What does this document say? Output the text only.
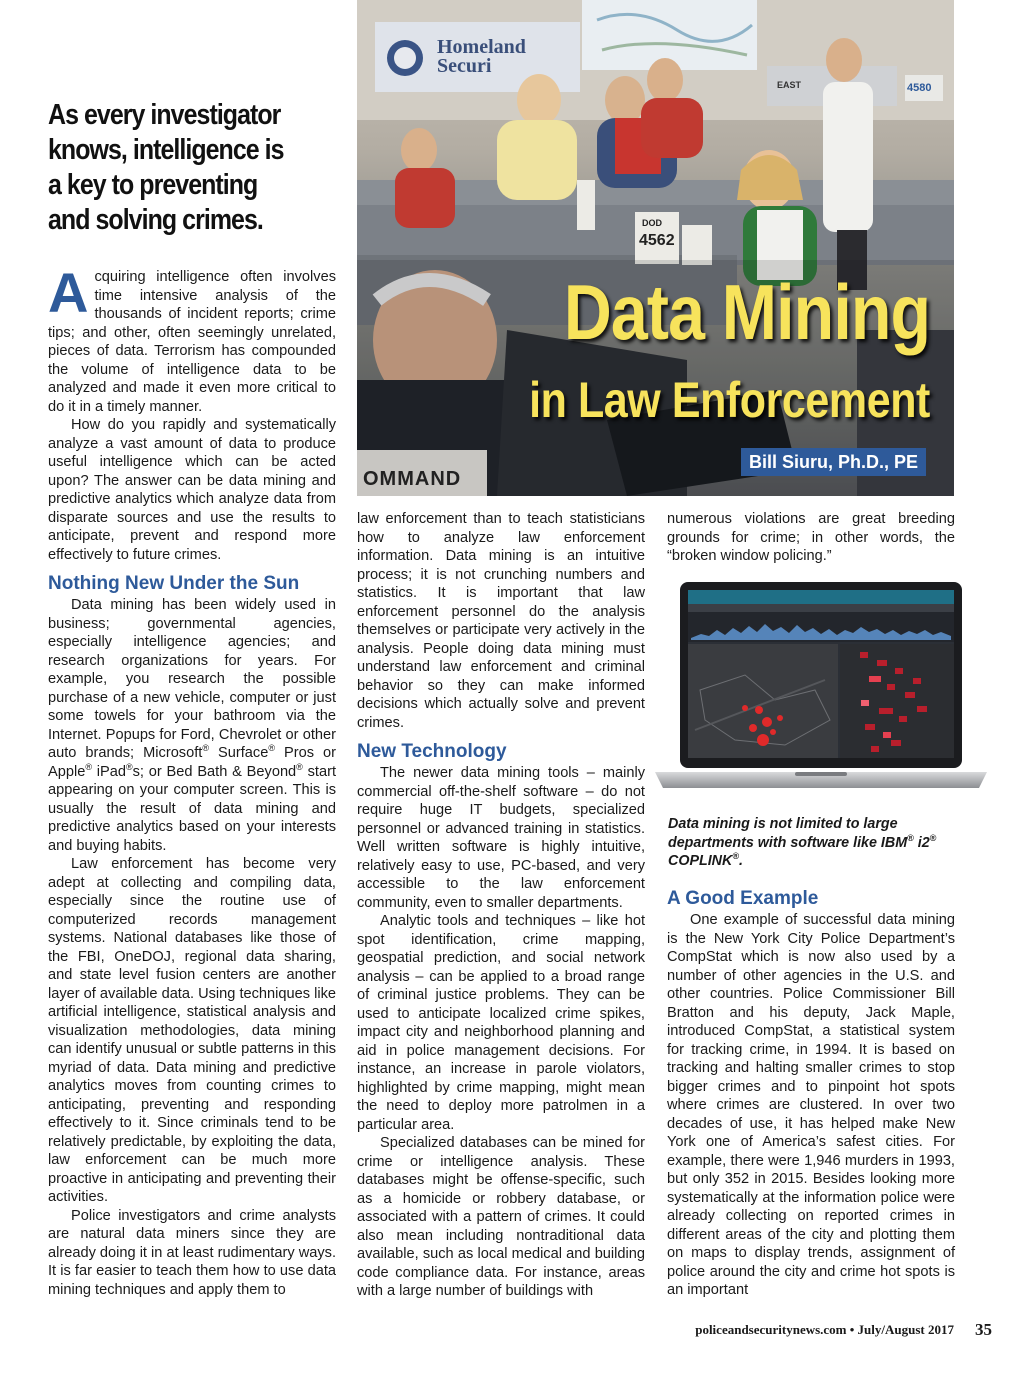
Homeland
Securi
EAST	4580
DOD
4562
OMMAND
Data Mining
in Law Enforcement
Bill Siuru, Ph.D., PE
As every investigator knows, intelligence is a key to preventing and solving crimes.

Acquiring intelligence often involves time intensive analysis of the thousands of incident reports; crime tips; and other, often seemingly unrelated, pieces of data. Terrorism has compounded the volume of intelligence data to be analyzed and made it even more critical to do it in a timely manner.

How do you rapidly and systematically analyze a vast amount of data to produce useful intelligence which can be acted upon? The answer can be data mining and predictive analytics which analyze data from disparate sources and use the results to anticipate, prevent and respond more effectively to future crimes.

Nothing New Under the Sun

Data mining has been widely used in business; governmental agencies, especially intelligence agencies; and research organizations for years. For example, you research the possible purchase of a new vehicle, computer or just some towels for your bathroom via the Internet. Popups for Ford, Chevrolet or other auto brands; Microsoft® Surface® Pros or Apple® iPad®s; or Bed Bath & Beyond® start appearing on your computer screen. This is usually the result of data mining and predictive analytics based on your interests and buying habits.

Law enforcement has become very adept at collecting and compiling data, especially since the routine use of computerized records management systems. National databases like those of the FBI, OneDOJ, regional data sharing, and state level fusion centers are another layer of available data. Using techniques like artificial intelligence, statistical analysis and visualization methodologies, data mining can identify unusual or subtle patterns in this myriad of data. Data mining and predictive analytics moves from counting crimes to anticipating, preventing and responding effectively to it. Since criminals tend to be relatively predictable, by exploiting the data, law enforcement can be much more proactive in anticipating and preventing their activities.

Police investigators and crime analysts are natural data miners since they are already doing it in at least rudimentary ways. It is far easier to teach them how to use data mining techniques and apply them to

law enforcement than to teach statisticians how to analyze law enforcement information. Data mining is an intuitive process; it is not crunching numbers and statistics. It is important that law enforcement personnel do the analysis themselves or participate very actively in the analysis. People doing data mining must understand law enforcement and criminal behavior so they can make informed decisions which actually solve and prevent crimes.

New Technology

The newer data mining tools – mainly commercial off-the-shelf software – do not require huge IT budgets, specialized personnel or advanced training in statistics. Well written software is highly intuitive, relatively easy to use, PC-based, and very accessible to the law enforcement community, even to smaller departments.

Analytic tools and techniques – like hot spot identification, crime mapping, geospatial prediction, and social network analysis – can be applied to a broad range of criminal justice problems. They can be used to anticipate localized crime spikes, impact city and neighborhood planning and aid in police management decisions. For instance, an increase in parole violators, highlighted by crime mapping, might mean the need to deploy more patrolmen in a particular area.

Specialized databases can be mined for crime or intelligence analysis. These databases might be offense-specific, such as a homicide or robbery database, or associated with a pattern of crimes. It could also mean including nontraditional data available, such as local medical and building code compliance data. For instance, areas with a large number of buildings with

numerous violations are great breeding grounds for crime; in other words, the “broken window policing.”

Data mining is not limited to large departments with software like IBM® i2® COPLINK®.
A Good Example

One example of successful data mining is the New York City Police Department’s CompStat which is now also used by a number of other agencies in the U.S. and other countries. Police Commissioner Bill Bratton and his deputy, Jack Maple, introduced CompStat, a statistical system for tracking crime, in 1994. It is based on tracking and halting smaller crimes to stop bigger crimes and to pinpoint hot spots where crimes are clustered. In over two decades of use, it has helped make New York one of America’s safest cities. For example, there were 1,946 murders in 1993, but only 352 in 2015. Besides looking more systematically at the information police were already collecting on reported crimes in different areas of the city and plotting them on maps to display trends, assignment of police around the city and crime hot spots is an important

policeandsecuritynews.com • July/August 2017 35
